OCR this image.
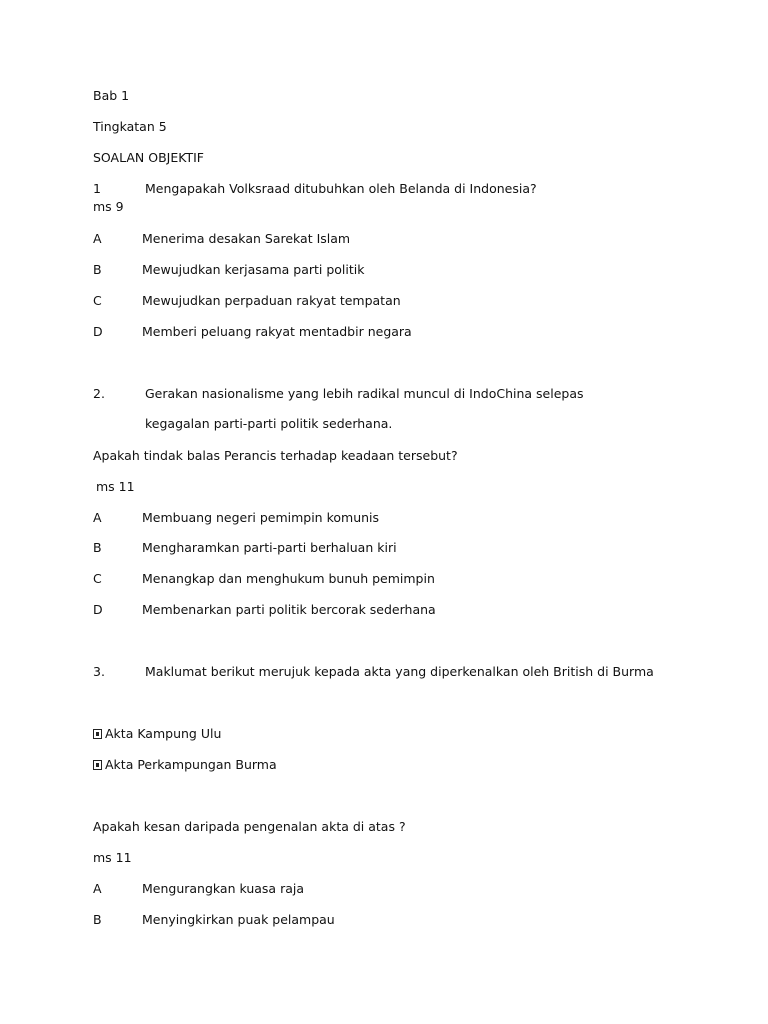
Bab 1
Tingkatan 5
SOALAN OBJEKTIF
1	Mengapakah Volksraad ditubuhkan oleh Belanda di Indonesia?
ms 9
A	Menerima desakan Sarekat Islam
B	Mewujudkan kerjasama parti politik
C	Mewujudkan perpaduan rakyat tempatan
D	Memberi peluang rakyat mentadbir negara
2.	Gerakan nasionalisme yang lebih radikal muncul di IndoChina selepas
kegagalan parti-parti politik sederhana.
Apakah tindak balas Perancis terhadap keadaan tersebut?
ms 11
A	Membuang negeri pemimpin komunis
B	Mengharamkan parti-parti berhaluan kiri
C	Menangkap dan menghukum bunuh pemimpin
D	Membenarkan parti politik bercorak sederhana
3.	Maklumat berikut merujuk kepada akta yang diperkenalkan oleh British di Burma
Akta Kampung Ulu
Akta Perkampungan Burma
Apakah kesan daripada pengenalan akta di atas ?
ms 11
A	Mengurangkan kuasa raja
B	Menyingkirkan puak pelampau
